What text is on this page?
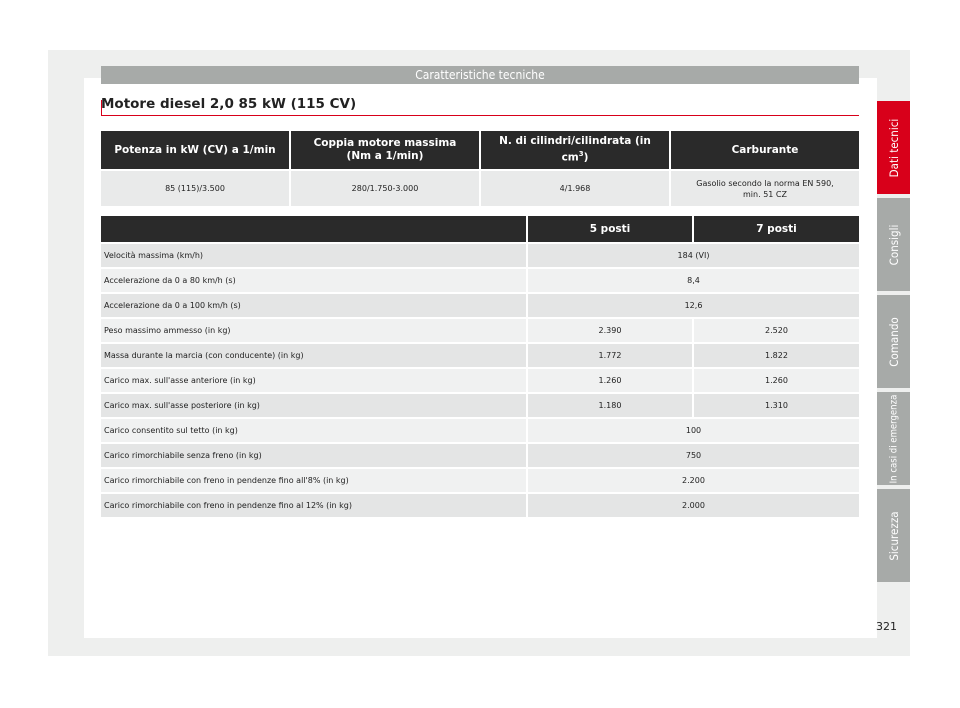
Caratteristiche tecniche
Motore diesel 2,0 85 kW (115 CV)
Potenza in kW (CV) a 1/min	Coppia motore massima (Nm a 1/min)	N. di cilindri/cilindrata (in $cm^3$)	Carburante
85 (115)/3.500	280/1.750-3.000	4/1.968	Gasolio secondo la norma EN 590, min. 51 CZ
	5 posti	7 posti
Velocità massima (km/h)	184 (VI)	
Accelerazione da 0 a 80 km/h (s)	8,4	
Accelerazione da 0 a 100 km/h (s)	12,6	
Peso massimo ammesso (in kg)	2.390	2.520
Massa durante la marcia (con conducente) (in kg)	1.772	1.822
Carico max. sull'asse anteriore (in kg)	1.260	1.260
Carico max. sull'asse posteriore (in kg)	1.180	1.310
Carico consentito sul tetto (in kg)	100	
Carico rimorchiabile senza freno (in kg)	750	
Carico rimorchiabile con freno in pendenze fino all'8% (in kg)	2.200	
Carico rimorchiabile con freno in pendenze fino al 12% (in kg)	2.000	
Dati tecnici
Consigli
Comando
In casi di emergenza
Sicurezza
321
